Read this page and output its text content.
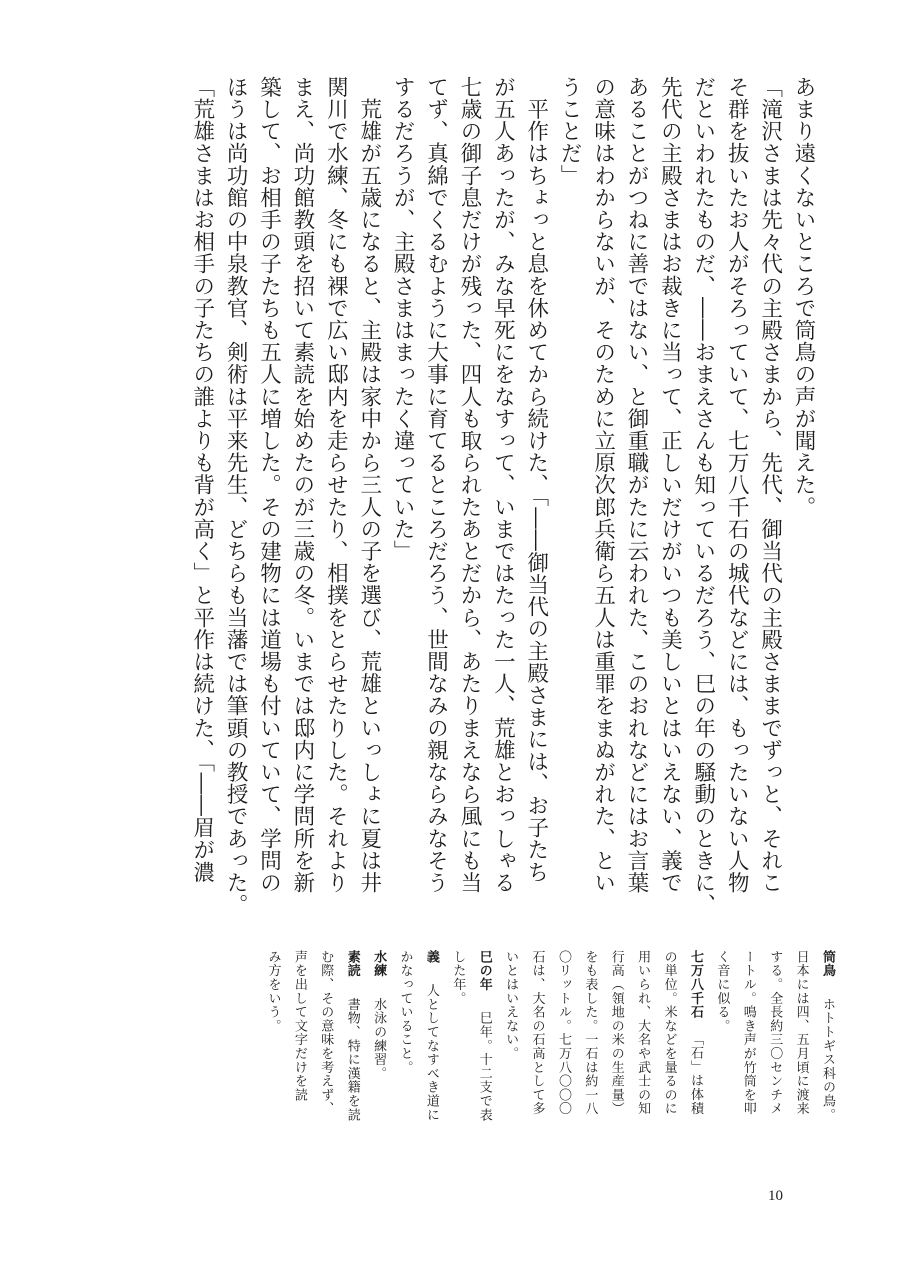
あまり遠くないところで筒鳥の声が聞えた。

「滝沢さまは先々代の主殿さまから、先代、御当代の主殿さままでずっと、それこ

そ群を抜いたお人がそろっていて、七万八千石の城代などには、もったいない人物

だといわれたものだ、――おまえさんも知っているだろう、巳の年の騒動のときに、

先代の主殿さまはお裁きに当って、正しいだけがいつも美しいとはいえない、義で

あることがつねに善ではない、と御重職がたに云われた、このおれなどにはお言葉

の意味はわからないが、そのために立原次郎兵衛ら五人は重罪をまぬがれた、とい

うことだ」

　平作はちょっと息を休めてから続けた、「――御当代の主殿さまには、お子たち

が五人あったが、みな早死にをなすって、いまではたった一人、荒雄とおっしゃる

七歳の御子息だけが残った、四人も取られたあとだから、あたりまえなら風にも当

てず、真綿でくるむように大事に育てるところだろう、世間なみの親ならみなそう

するだろうが、主殿さまはまったく違っていた」

　荒雄が五歳になると、主殿は家中から三人の子を選び、荒雄といっしょに夏は井

関川で水練、冬にも裸で広い邸内を走らせたり、相撲をとらせたりした。それより

まえ、尚功館教頭を招いて素読を始めたのが三歳の冬。いまでは邸内に学問所を新

築して、お相手の子たちも五人に増した。その建物には道場も付いていて、学問の

ほうは尚功館の中泉教官、剣術は平来先生、どちらも当藩では筆頭の教授であった。

「荒雄さまはお相手の子たちの誰よりも背が高く」と平作は続けた、「――眉が濃

筒鳥　ホトトギス科の鳥。

日本には四、五月頃に渡来

する。全長約三〇センチメ

ートル。鳴き声が竹筒を叩

く音に似る。

七万八千石　「石」は体積

の単位。米などを量るのに

用いられ、大名や武士の知

行高（領地の米の生産量）

をも表した。一石は約一八

〇リットル。七万八〇〇〇

石は、大名の石高として多

いとはいえない。

巳の年　巳年。十二支で表

した年。

義　人としてなすべき道に

かなっていること。

水練　水泳の練習。

素読　書物、特に漢籍を読

む際、その意味を考えず、

声を出して文字だけを読

み方をいう。

10
